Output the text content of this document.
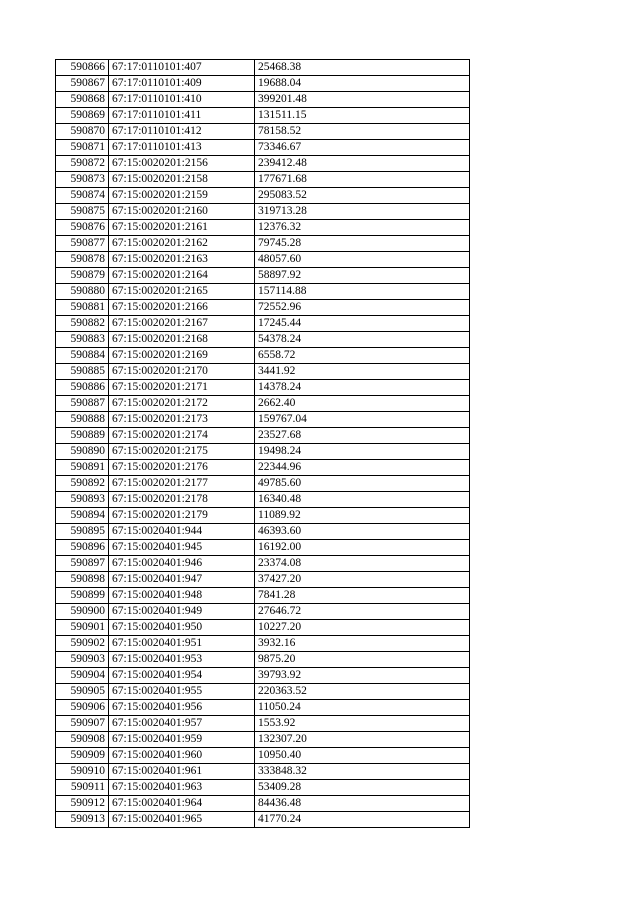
590866	67:17:0110101:407	25468.38
590867	67:17:0110101:409	19688.04
590868	67:17:0110101:410	399201.48
590869	67:17:0110101:411	131511.15
590870	67:17:0110101:412	78158.52
590871	67:17:0110101:413	73346.67
590872	67:15:0020201:2156	239412.48
590873	67:15:0020201:2158	177671.68
590874	67:15:0020201:2159	295083.52
590875	67:15:0020201:2160	319713.28
590876	67:15:0020201:2161	12376.32
590877	67:15:0020201:2162	79745.28
590878	67:15:0020201:2163	48057.60
590879	67:15:0020201:2164	58897.92
590880	67:15:0020201:2165	157114.88
590881	67:15:0020201:2166	72552.96
590882	67:15:0020201:2167	17245.44
590883	67:15:0020201:2168	54378.24
590884	67:15:0020201:2169	6558.72
590885	67:15:0020201:2170	3441.92
590886	67:15:0020201:2171	14378.24
590887	67:15:0020201:2172	2662.40
590888	67:15:0020201:2173	159767.04
590889	67:15:0020201:2174	23527.68
590890	67:15:0020201:2175	19498.24
590891	67:15:0020201:2176	22344.96
590892	67:15:0020201:2177	49785.60
590893	67:15:0020201:2178	16340.48
590894	67:15:0020201:2179	11089.92
590895	67:15:0020401:944	46393.60
590896	67:15:0020401:945	16192.00
590897	67:15:0020401:946	23374.08
590898	67:15:0020401:947	37427.20
590899	67:15:0020401:948	7841.28
590900	67:15:0020401:949	27646.72
590901	67:15:0020401:950	10227.20
590902	67:15:0020401:951	3932.16
590903	67:15:0020401:953	9875.20
590904	67:15:0020401:954	39793.92
590905	67:15:0020401:955	220363.52
590906	67:15:0020401:956	11050.24
590907	67:15:0020401:957	1553.92
590908	67:15:0020401:959	132307.20
590909	67:15:0020401:960	10950.40
590910	67:15:0020401:961	333848.32
590911	67:15:0020401:963	53409.28
590912	67:15:0020401:964	84436.48
590913	67:15:0020401:965	41770.24
